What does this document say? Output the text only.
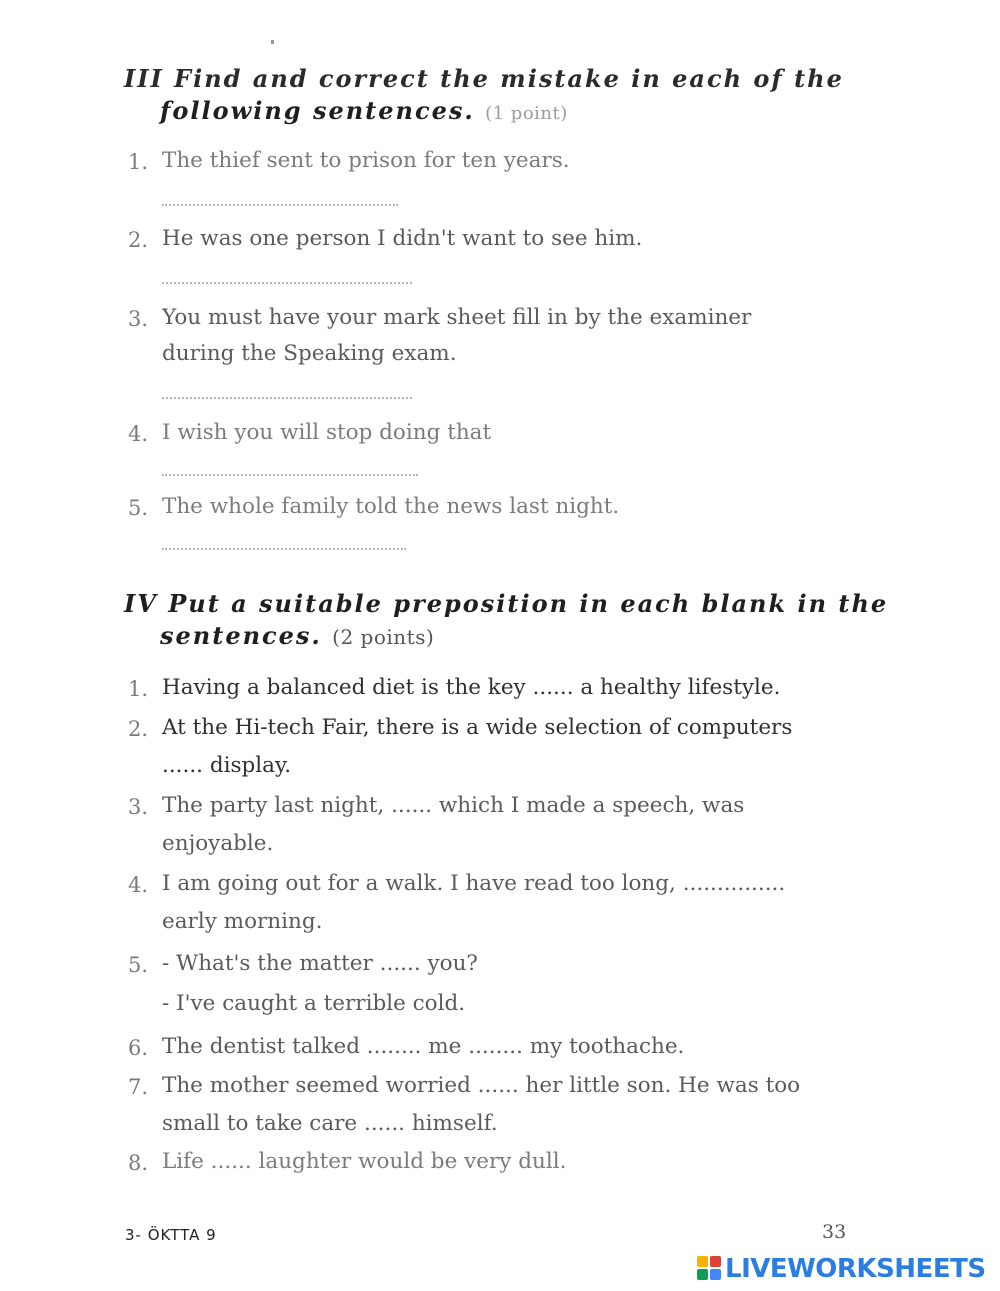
III Find and correct the mistake in each of the
following sentences. (1 point)
1. The thief sent to prison for ten years.
2. He was one person I didn't want to see him.
3. You must have your mark sheet fill in by the examiner
during the Speaking exam.
4. I wish you will stop doing that
5. The whole family told the news last night.
IV Put a suitable preposition in each blank in the
sentences. (2 points)
1. Having a balanced diet is the key ...... a healthy lifestyle.
2. At the Hi-tech Fair, there is a wide selection of computers
...... display.
3. The party last night, ...... which I made a speech, was
enjoyable.
4. I am going out for a walk. I have read too long, ...............
early morning.
5. - What's the matter ...... you?
- I've caught a terrible cold.
6. The dentist talked ........ me ........ my toothache.
7. The mother seemed worried ...... her little son. He was too
small to take care ...... himself.
8. Life ...... laughter would be very dull.
3- ÖKTTA 9	33
LIVEWORKSHEETS
